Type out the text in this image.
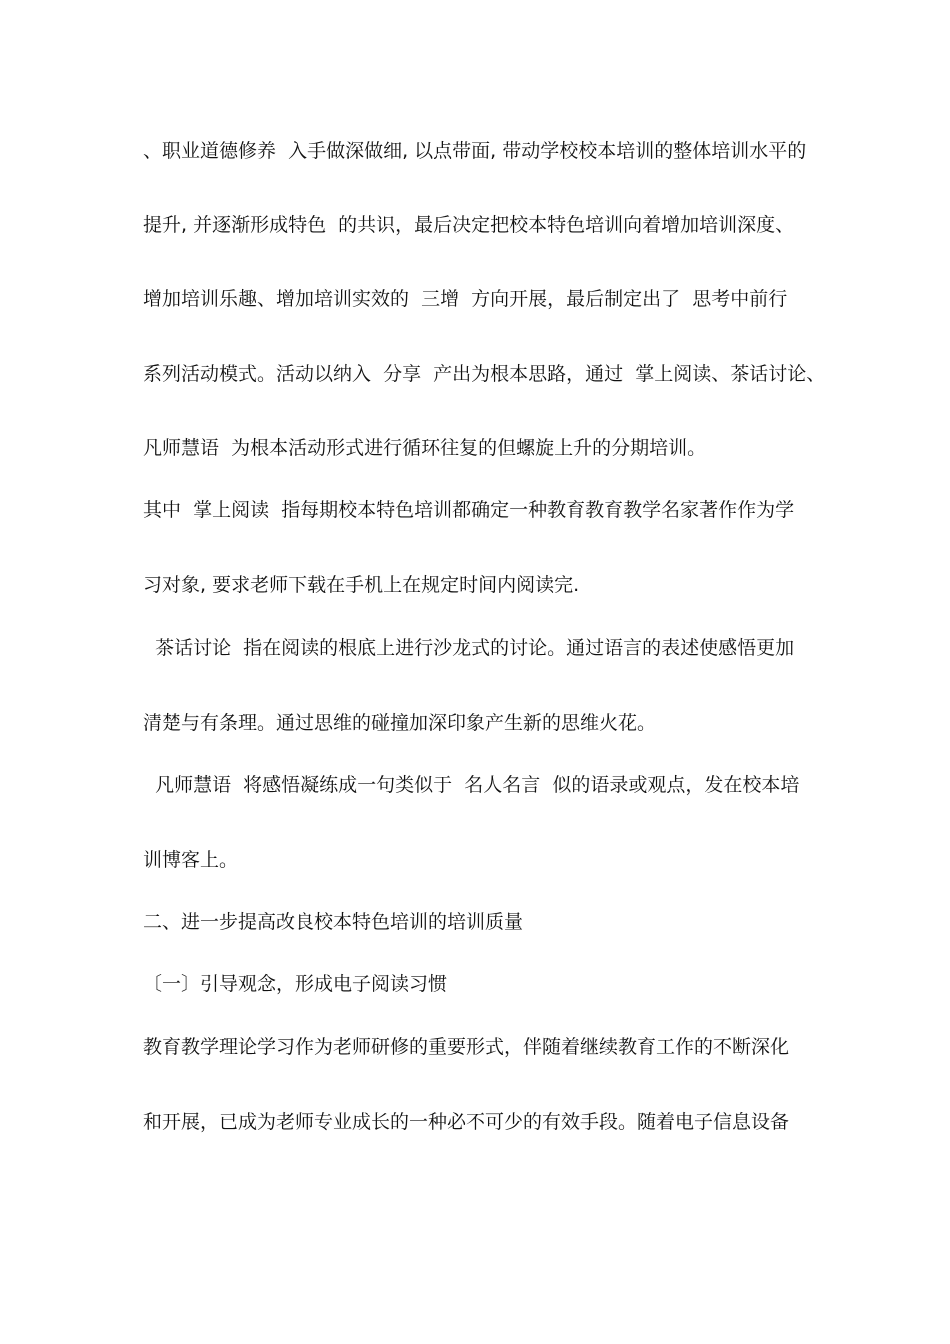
、职业道德修养  入手做深做细, 以点带面, 带动学校校本培训的整体培训水平的
提升, 并逐渐形成特色  的共识，最后决定把校本特色培训向着增加培训深度、
增加培训乐趣、增加培训实效的  三增  方向开展，最后制定出了  思考中前行
系列活动模式。活动以纳入  分享  产出为根本思路，通过  掌上阅读、茶话讨论、
凡师慧语  为根本活动形式进行循环往复的但螺旋上升的分期培训。
其中  掌上阅读  指每期校本特色培训都确定一种教育教育教学名家著作作为学
习对象, 要求老师下载在手机上在规定时间内阅读完.
茶话讨论  指在阅读的根底上进行沙龙式的讨论。通过语言的表述使感悟更加
清楚与有条理。通过思维的碰撞加深印象产生新的思维火花。
凡师慧语  将感悟凝练成一句类似于  名人名言  似的语录或观点，发在校本培
训博客上。
二、进一步提高改良校本特色培训的培训质量
〔一〕引导观念，形成电子阅读习惯
教育教学理论学习作为老师研修的重要形式，伴随着继续教育工作的不断深化
和开展，已成为老师专业成长的一种必不可少的有效手段。随着电子信息设备
